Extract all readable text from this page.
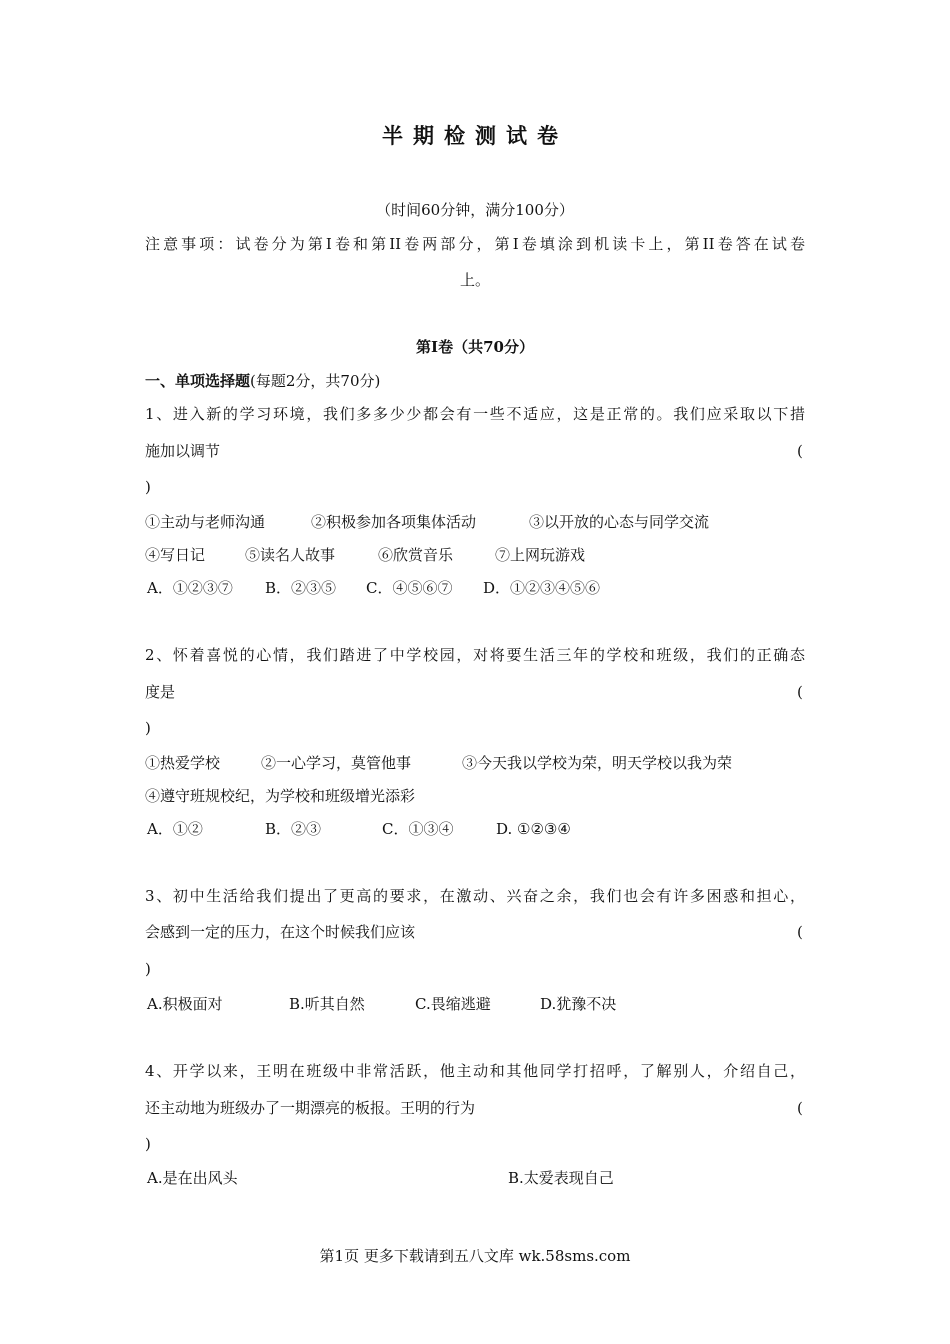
半期检测试卷
（时间60分钟，满分100分）
注意事项：试卷分为第I卷和第II卷两部分，第I卷填涂到机读卡上，第II卷答在试卷
上。
第I卷（共70分）
一、单项选择题(每题2分，共70分)
1、进入新的学习环境，我们多多少少都会有一些不适应，这是正常的。我们应采取以下措
施加以调节	(
)
①主动与老师沟通	②积极参加各项集体活动	③以开放的心态与同学交流
④写日记	⑤读名人故事	⑥欣赏音乐	⑦上网玩游戏
A．①②③⑦ B．②③⑤ C．④⑤⑥⑦ D．①②③④⑤⑥
2、怀着喜悦的心情，我们踏进了中学校园，对将要生活三年的学校和班级，我们的正确态
度是	(
)
①热爱学校	②一心学习，莫管他事	③今天我以学校为荣，明天学校以我为荣
④遵守班规校纪，为学校和班级增光添彩
A．①②	B．②③	C．①③④	D. ①②③④
3、初中生活给我们提出了更高的要求，在激动、兴奋之余，我们也会有许多困惑和担心，
会感到一定的压力，在这个时候我们应该	(
)
A.积极面对	B.听其自然	C.畏缩逃避	D.犹豫不决
4、开学以来，王明在班级中非常活跃，他主动和其他同学打招呼，了解别人，介绍自己，
还主动地为班级办了一期漂亮的板报。王明的行为	(
)
A.是在出风头	B.太爱表现自己
第1页 更多下载请到五八文库 wk.58sms.com
